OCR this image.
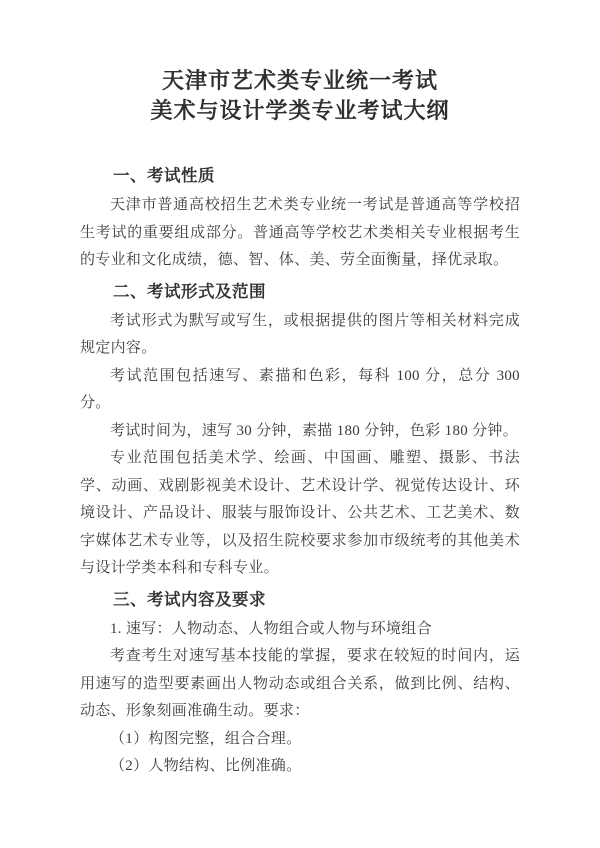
天津市艺术类专业统一考试
美术与设计学类专业考试大纲
一、考试性质

天津市普通高校招生艺术类专业统一考试是普通高等学校招生考试的重要组成部分。普通高等学校艺术类相关专业根据考生的专业和文化成绩，德、智、体、美、劳全面衡量，择优录取。

二、考试形式及范围

考试形式为默写或写生，或根据提供的图片等相关材料完成规定内容。

考试范围包括速写、素描和色彩，每科 100 分，总分 300 分。

考试时间为，速写 30 分钟，素描 180 分钟，色彩 180 分钟。

专业范围包括美术学、绘画、中国画、雕塑、摄影、书法学、动画、戏剧影视美术设计、艺术设计学、视觉传达设计、环境设计、产品设计、服装与服饰设计、公共艺术、工艺美术、数字媒体艺术专业等，以及招生院校要求参加市级统考的其他美术与设计学类本科和专科专业。

三、考试内容及要求

1. 速写：人物动态、人物组合或人物与环境组合

考查考生对速写基本技能的掌握，要求在较短的时间内，运用速写的造型要素画出人物动态或组合关系，做到比例、结构、动态、形象刻画准确生动。要求：

（1）构图完整，组合合理。

（2）人物结构、比例准确。
